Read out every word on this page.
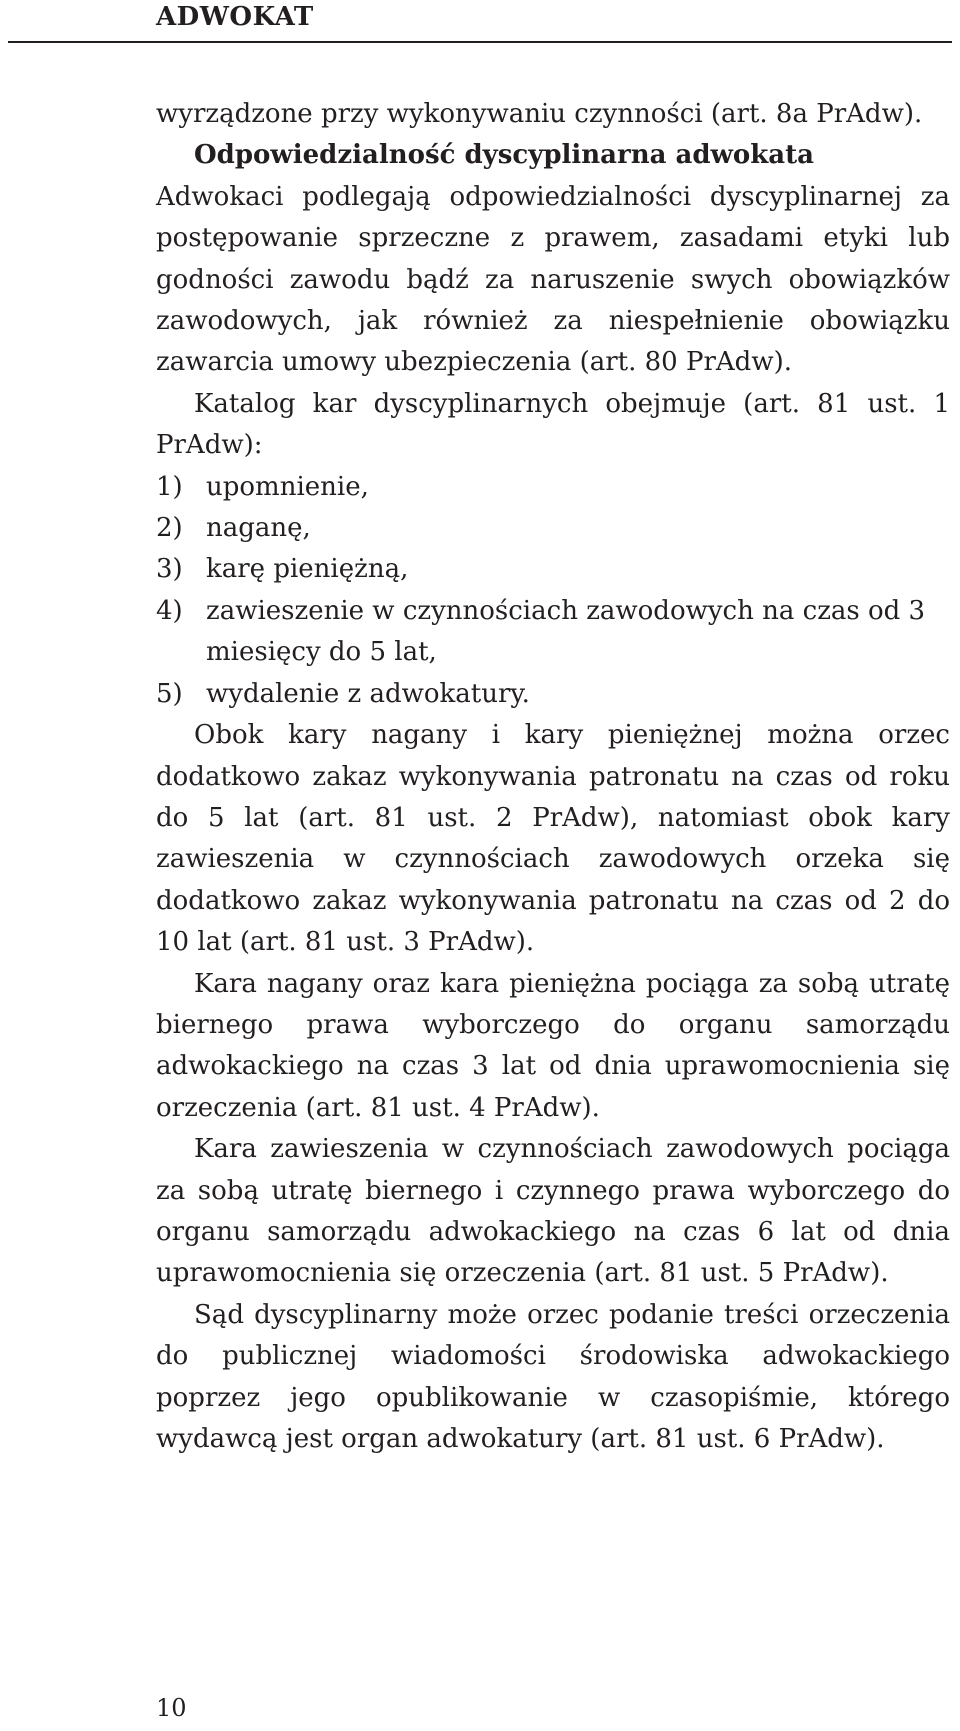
ADWOKAT

wyrządzone przy wykonywaniu czynności (art. 8a PrAdw).

Odpowiedzialność dyscyplinarna adwokata

Adwokaci podlegają odpowiedzialności dyscyplinarnej za postępowanie sprzeczne z prawem, zasadami etyki lub godności zawodu bądź za naruszenie swych obowiązków zawodowych, jak również za niespełnienie obowiązku zawarcia umowy ubezpieczenia (art. 80 PrAdw).

Katalog kar dyscyplinarnych obejmuje (art. 81 ust. 1 PrAdw):

1) upomnienie,
2) naganę,
3) karę pieniężną,
4) zawieszenie w czynnościach zawodowych na czas od 3 miesięcy do 5 lat,
5) wydalenie z adwokatury.

Obok kary nagany i kary pieniężnej można orzec dodatkowo zakaz wykonywania patronatu na czas od roku do 5 lat (art. 81 ust. 2 PrAdw), natomiast obok kary zawieszenia w czynnościach zawodowych orzeka się dodatkowo zakaz wykonywania patronatu na czas od 2 do 10 lat (art. 81 ust. 3 PrAdw).

Kara nagany oraz kara pieniężna pociąga za sobą utratę biernego prawa wyborczego do organu samorządu adwokackiego na czas 3 lat od dnia uprawomocnienia się orzeczenia (art. 81 ust. 4 PrAdw).

Kara zawieszenia w czynnościach zawodowych pociąga za sobą utratę biernego i czynnego prawa wyborczego do organu samorządu adwokackiego na czas 6 lat od dnia uprawomocnienia się orzeczenia (art. 81 ust. 5 PrAdw).

Sąd dyscyplinarny może orzec podanie treści orzeczenia do publicznej wiadomości środowiska adwokackiego poprzez jego opublikowanie w czasopiśmie, którego wydawcą jest organ adwokatury (art. 81 ust. 6 PrAdw).

10
